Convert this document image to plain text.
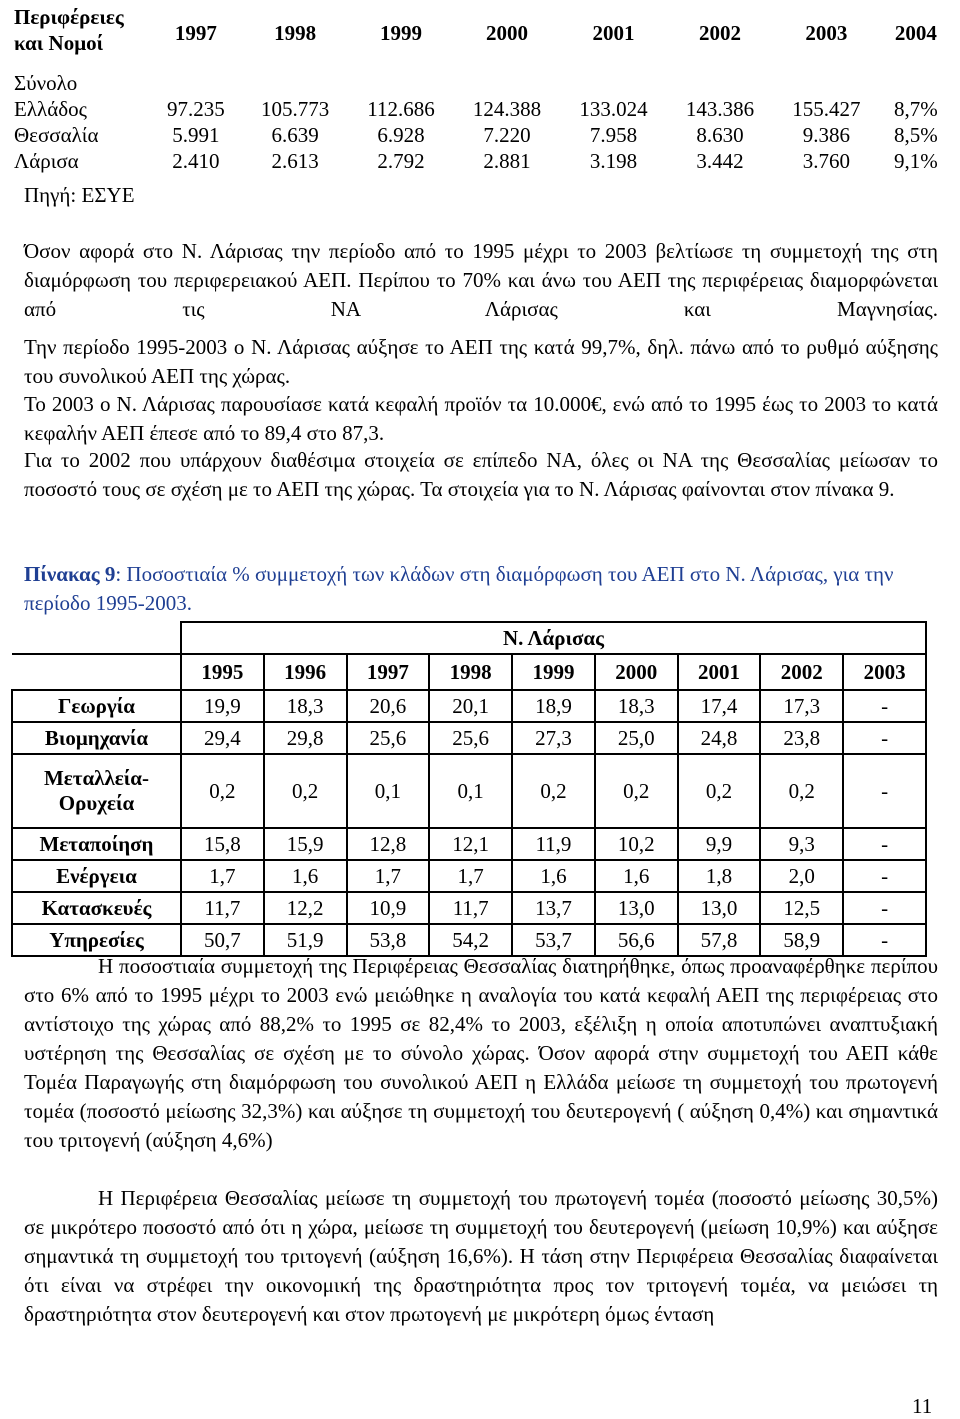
Περιφέρειες και Νομοί	1997	1998	1999	2000	2001	2002	2003	2004
Σύνολο Ελλάδος	97.235	105.773	112.686	124.388	133.024	143.386	155.427	8,7%
Θεσσαλία	5.991	6.639	6.928	7.220	7.958	8.630	9.386	8,5%
Λάρισα	2.410	2.613	2.792	2.881	3.198	3.442	3.760	9,1%
Πηγή: ΕΣΥΕ
Όσον αφορά στο Ν. Λάρισας την περίοδο από το 1995 μέχρι το 2003 βελτίωσε τη συμμετοχή της στη διαμόρφωση του περιφερειακού ΑΕΠ. Περίπου το 70% και άνω του ΑΕΠ της περιφέρειας διαμορφώνεται από τις ΝΑ Λάρισας και Μαγνησίας.
Την περίοδο 1995-2003 ο Ν. Λάρισας αύξησε το ΑΕΠ της κατά 99,7%, δηλ. πάνω από το ρυθμό αύξησης του συνολικού ΑΕΠ της χώρας.
Το 2003 ο Ν. Λάρισας παρουσίασε κατά κεφαλή προϊόν τα 10.000€, ενώ από το 1995 έως το 2003 το κατά κεφαλήν ΑΕΠ έπεσε από το 89,4 στο 87,3.
Για το 2002 που υπάρχουν διαθέσιμα στοιχεία σε επίπεδο ΝΑ, όλες οι ΝΑ της Θεσσαλίας μείωσαν το ποσοστό τους σε σχέση με το ΑΕΠ της χώρας. Τα στοιχεία για το Ν. Λάρισας φαίνονται στον πίνακα 9.
Πίνακας 9: Ποσοστιαία % συμμετοχή των κλάδων στη διαμόρφωση του ΑΕΠ στο Ν. Λάρισας, για την περίοδο 1995-2003.
	Ν. Λάρισας								
	1995	1996	1997	1998	1999	2000	2001	2002	2003
Γεωργία	19,9	18,3	20,6	20,1	18,9	18,3	17,4	17,3	-
Βιομηχανία	29,4	29,8	25,6	25,6	27,3	25,0	24,8	23,8	-
Μεταλλεία-Ορυχεία	0,2	0,2	0,1	0,1	0,2	0,2	0,2	0,2	-
Μεταποίηση	15,8	15,9	12,8	12,1	11,9	10,2	9,9	9,3	-
Ενέργεια	1,7	1,6	1,7	1,7	1,6	1,6	1,8	2,0	-
Κατασκευές	11,7	12,2	10,9	11,7	13,7	13,0	13,0	12,5	-
Υπηρεσίες	50,7	51,9	53,8	54,2	53,7	56,6	57,8	58,9	-
Η ποσοστιαία συμμετοχή της Περιφέρειας Θεσσαλίας διατηρήθηκε, όπως προαναφέρθηκε περίπου στο 6% από το 1995 μέχρι το 2003 ενώ μειώθηκε η αναλογία του κατά κεφαλή ΑΕΠ της περιφέρειας στο αντίστοιχο της χώρας από 88,2% το 1995 σε 82,4% το 2003, εξέλιξη η οποία αποτυπώνει αναπτυξιακή υστέρηση της Θεσσαλίας σε σχέση με το σύνολο χώρας. Όσον αφορά στην συμμετοχή του ΑΕΠ κάθε Τομέα Παραγωγής στη διαμόρφωση του συνολικού ΑΕΠ η Ελλάδα μείωσε τη συμμετοχή του πρωτογενή τομέα (ποσοστό μείωσης 32,3%) και αύξησε τη συμμετοχή του δευτερογενή ( αύξηση 0,4%) και σημαντικά του τριτογενή (αύξηση 4,6%)
Η Περιφέρεια Θεσσαλίας μείωσε τη συμμετοχή του πρωτογενή τομέα (ποσοστό μείωσης 30,5%) σε μικρότερο ποσοστό από ότι η χώρα, μείωσε τη συμμετοχή του δευτερογενή (μείωση 10,9%) και αύξησε σημαντικά τη συμμετοχή του τριτογενή (αύξηση 16,6%). Η τάση στην Περιφέρεια Θεσσαλίας διαφαίνεται ότι είναι να στρέφει την οικονομική της δραστηριότητα προς τον τριτογενή τομέα, να μειώσει τη δραστηριότητα στον δευτερογενή και στον πρωτογενή με μικρότερη όμως ένταση
11
